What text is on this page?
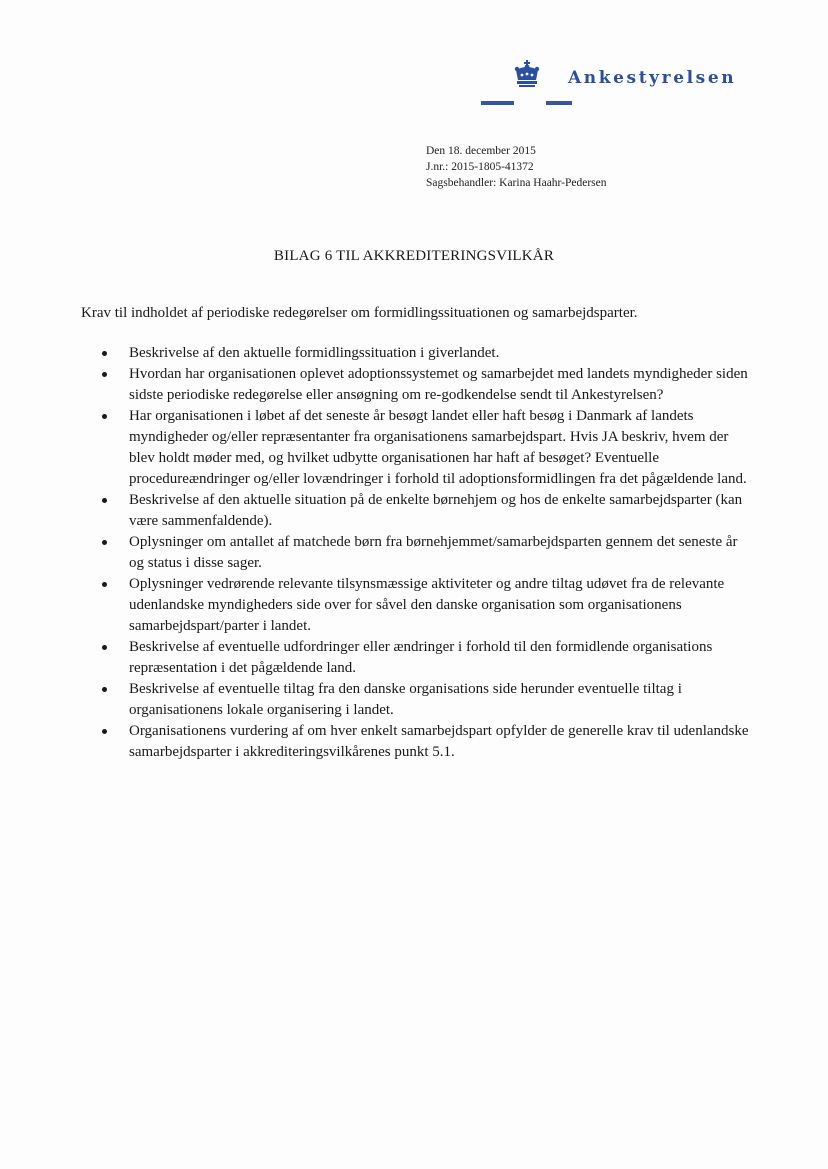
Ankestyrelsen
Den 18. december 2015
J.nr.: 2015-1805-41372
Sagsbehandler: Karina Haahr-Pedersen
BILAG 6 TIL AKKREDITERINGSVILKÅR
Krav til indholdet af periodiske redegørelser om formidlingssituationen og samarbejdsparter.
Beskrivelse af den aktuelle formidlingssituation i giverlandet.
Hvordan har organisationen oplevet adoptionssystemet og samarbejdet med landets myndigheder siden sidste periodiske redegørelse eller ansøgning om re-godkendelse sendt til Ankestyrelsen?
Har organisationen i løbet af det seneste år besøgt landet eller haft besøg i Danmark af landets myndigheder og/eller repræsentanter fra organisationens samarbejdspart. Hvis JA beskriv, hvem der blev holdt møder med, og hvilket udbytte organisationen har haft af besøget? Eventuelle procedureændringer og/eller lovændringer i forhold til adoptionsformidlingen fra det pågældende land.
Beskrivelse af den aktuelle situation på de enkelte børnehjem og hos de enkelte samarbejdsparter (kan være sammenfaldende).
Oplysninger om antallet af matchede børn fra børnehjemmet/samarbejdsparten gennem det seneste år og status i disse sager.
Oplysninger vedrørende relevante tilsynsmæssige aktiviteter og andre tiltag udøvet fra de relevante udenlandske myndigheders side over for såvel den danske organisation som organisationens samarbejdspart/parter i landet.
Beskrivelse af eventuelle udfordringer eller ændringer i forhold til den formidlende organisations repræsentation i det pågældende land.
Beskrivelse af eventuelle tiltag fra den danske organisations side herunder eventuelle tiltag i organisationens lokale organisering i landet.
Organisationens vurdering af om hver enkelt samarbejdspart opfylder de generelle krav til udenlandske samarbejdsparter i akkrediteringsvilkårenes punkt 5.1.
